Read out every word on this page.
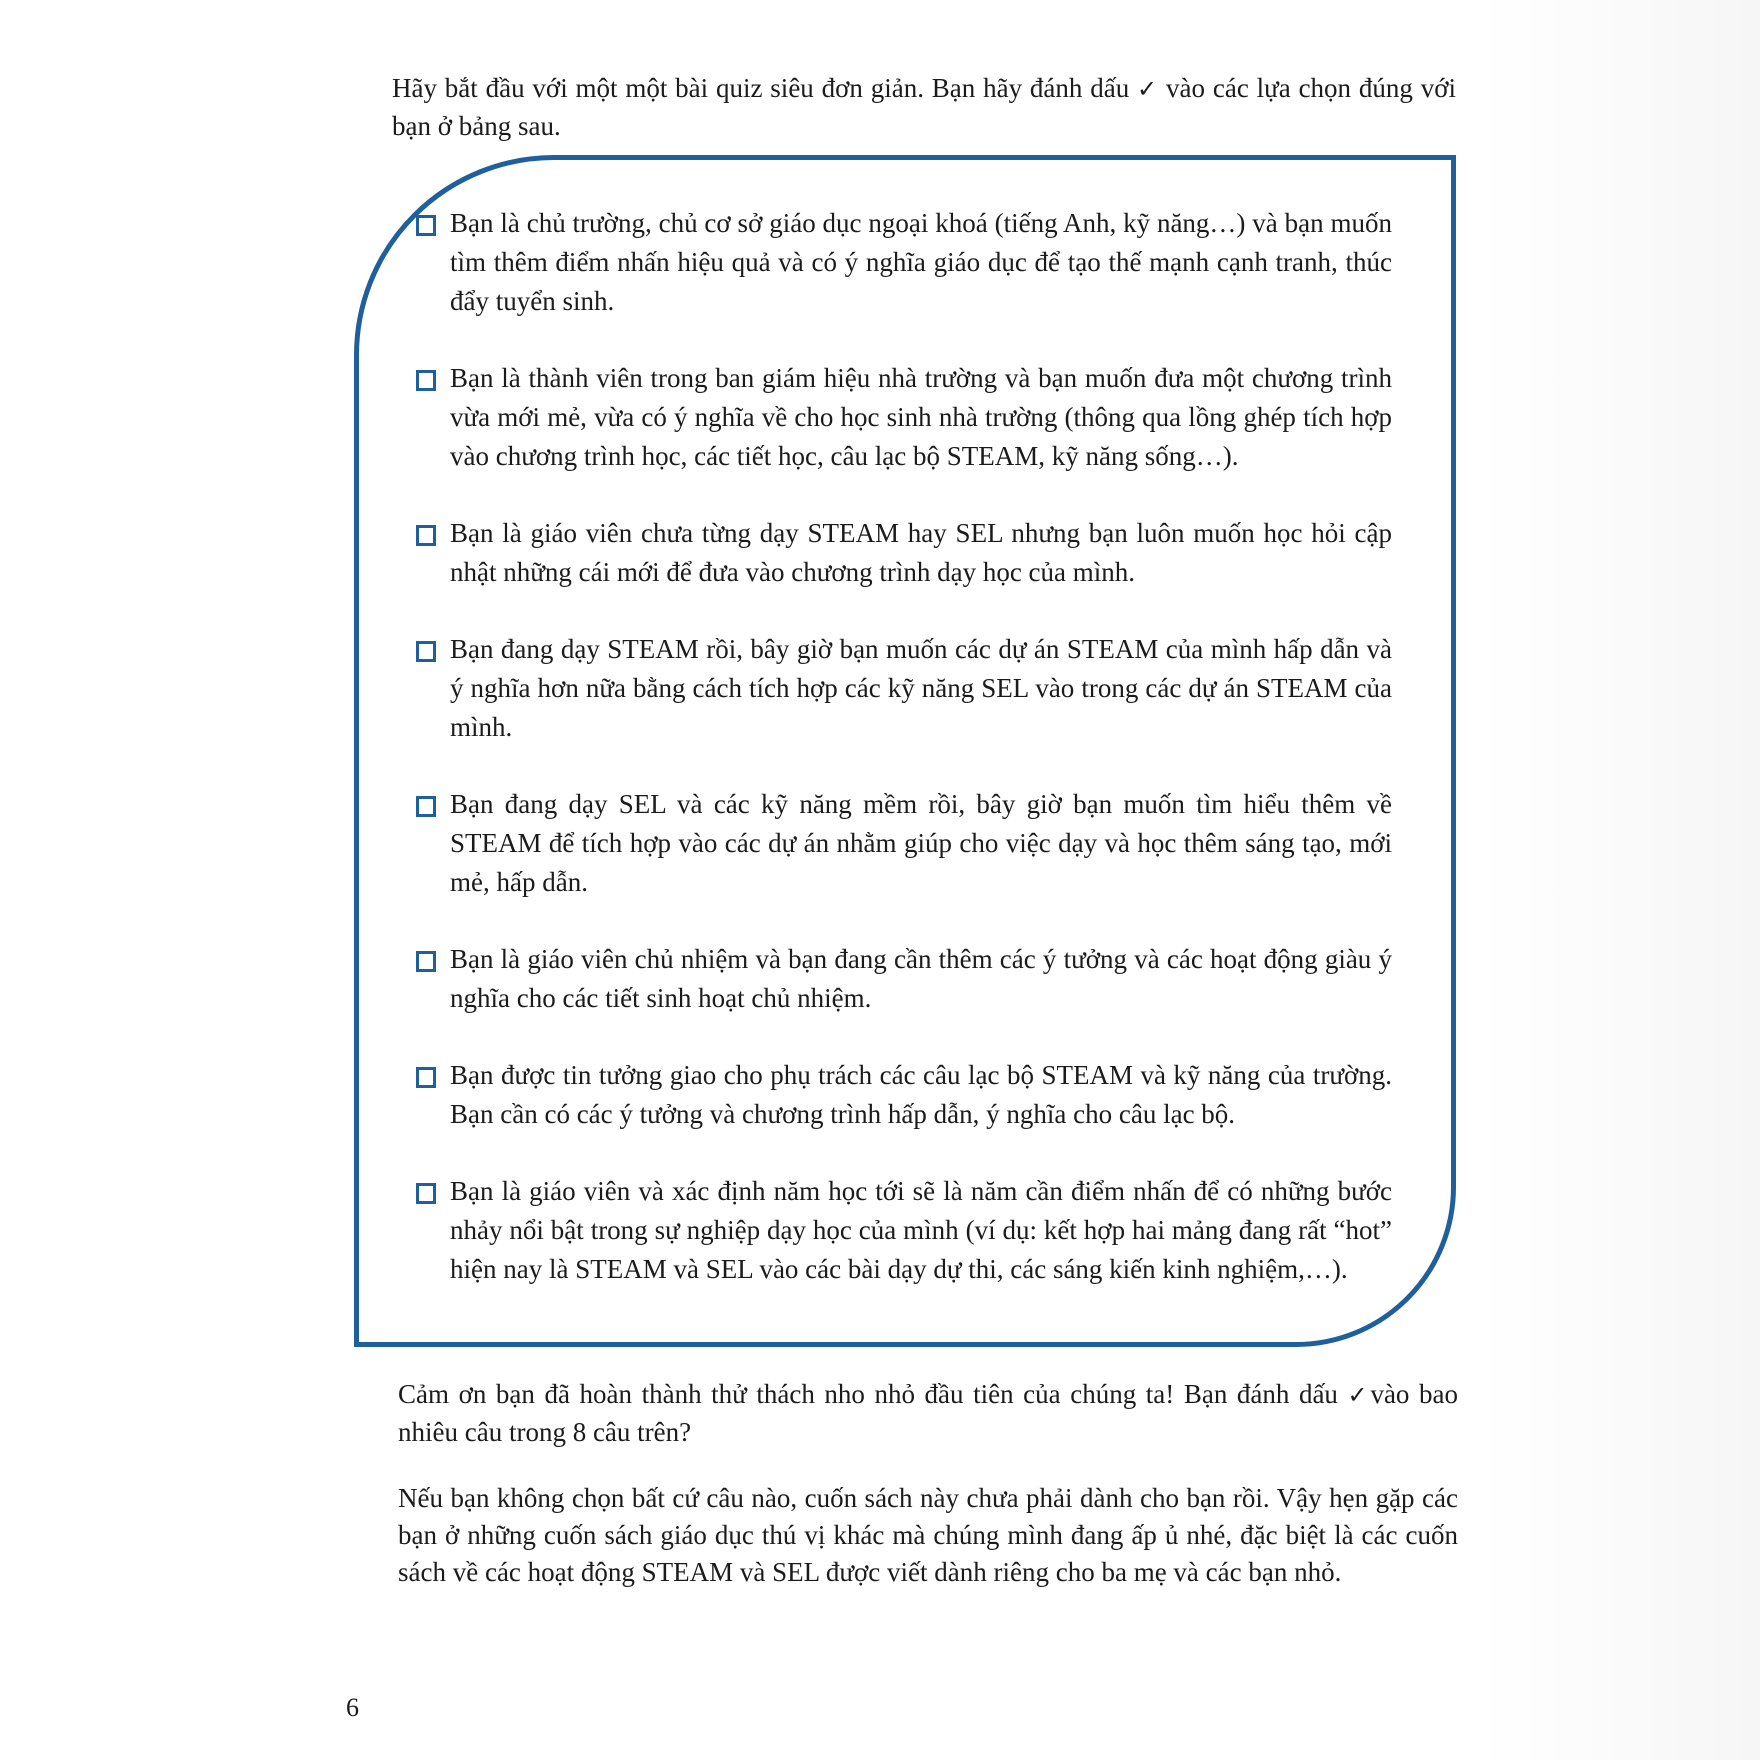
Hãy bắt đầu với một một bài quiz siêu đơn giản. Bạn hãy đánh dấu ✓ vào các lựa chọn đúng với bạn ở bảng sau.

Bạn là chủ trường, chủ cơ sở giáo dục ngoại khoá (tiếng Anh, kỹ năng…) và bạn muốn tìm thêm điểm nhấn hiệu quả và có ý nghĩa giáo dục để tạo thế mạnh cạnh tranh, thúc đẩy tuyển sinh.
Bạn là thành viên trong ban giám hiệu nhà trường và bạn muốn đưa một chương trình vừa mới mẻ, vừa có ý nghĩa về cho học sinh nhà trường (thông qua lồng ghép tích hợp vào chương trình học, các tiết học, câu lạc bộ STEAM, kỹ năng sống…).
Bạn là giáo viên chưa từng dạy STEAM hay SEL nhưng bạn luôn muốn học hỏi cập nhật những cái mới để đưa vào chương trình dạy học của mình.
Bạn đang dạy STEAM rồi, bây giờ bạn muốn các dự án STEAM của mình hấp dẫn và ý nghĩa hơn nữa bằng cách tích hợp các kỹ năng SEL vào trong các dự án STEAM của mình.
Bạn đang dạy SEL và các kỹ năng mềm rồi, bây giờ bạn muốn tìm hiểu thêm về STEAM để tích hợp vào các dự án nhằm giúp cho việc dạy và học thêm sáng tạo, mới mẻ, hấp dẫn.
Bạn là giáo viên chủ nhiệm và bạn đang cần thêm các ý tưởng và các hoạt động giàu ý nghĩa cho các tiết sinh hoạt chủ nhiệm.
Bạn được tin tưởng giao cho phụ trách các câu lạc bộ STEAM và kỹ năng của trường. Bạn cần có các ý tưởng và chương trình hấp dẫn, ý nghĩa cho câu lạc bộ.
Bạn là giáo viên và xác định năm học tới sẽ là năm cần điểm nhấn để có những bước nhảy nổi bật trong sự nghiệp dạy học của mình (ví dụ: kết hợp hai mảng đang rất “hot” hiện nay là STEAM và SEL vào các bài dạy dự thi, các sáng kiến kinh nghiệm,…).

Cảm ơn bạn đã hoàn thành thử thách nho nhỏ đầu tiên của chúng ta! Bạn đánh dấu ✓vào bao nhiêu câu trong 8 câu trên?

Nếu bạn không chọn bất cứ câu nào, cuốn sách này chưa phải dành cho bạn rồi. Vậy hẹn gặp các bạn ở những cuốn sách giáo dục thú vị khác mà chúng mình đang ấp ủ nhé, đặc biệt là các cuốn sách về các hoạt động STEAM và SEL được viết dành riêng cho ba mẹ và các bạn nhỏ.

6
